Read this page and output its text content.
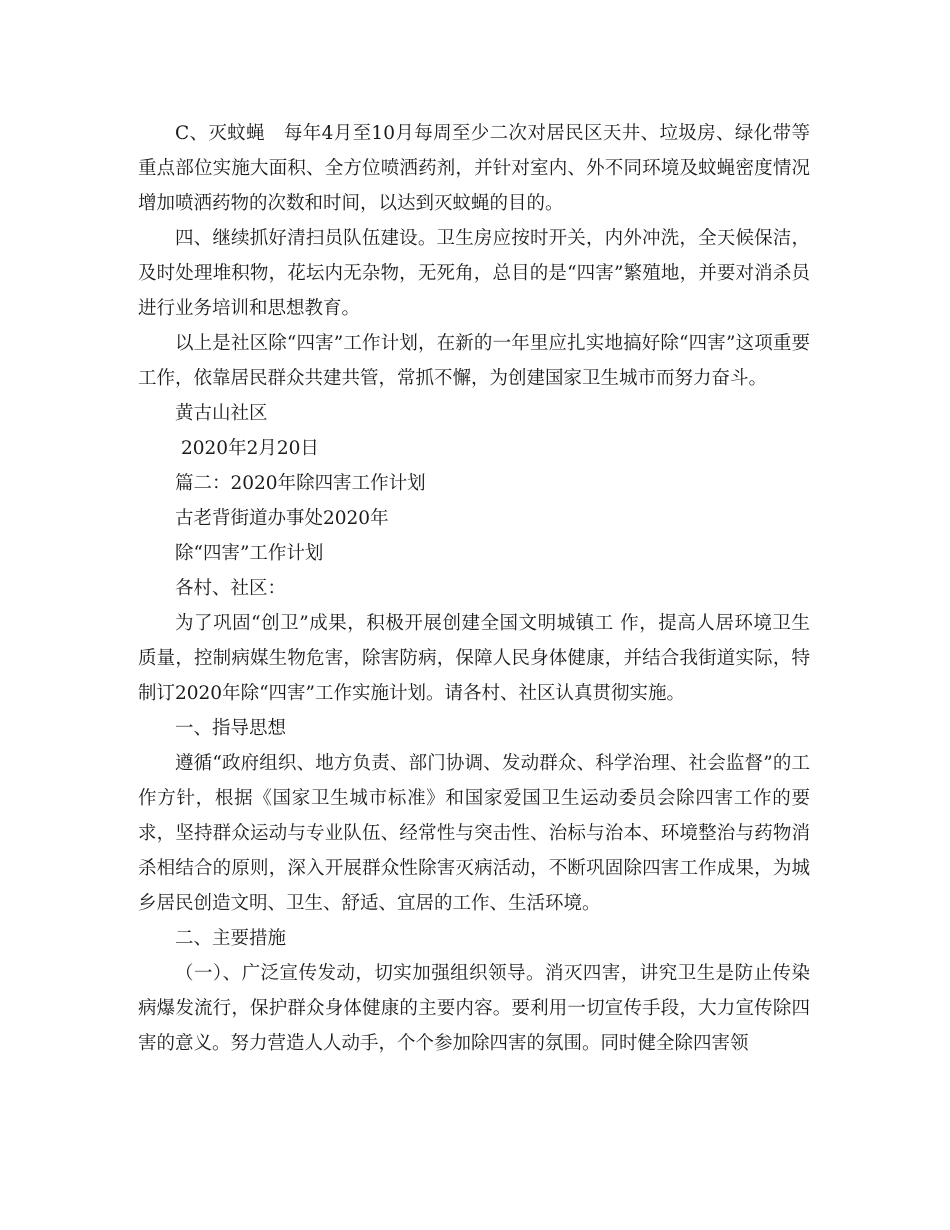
C、灭蚊蝇　每年4月至10月每周至少二次对居民区天井、垃圾房、绿化带等重点部位实施大面积、全方位喷洒药剂，并针对室内、外不同环境及蚊蝇密度情况增加喷洒药物的次数和时间，以达到灭蚊蝇的目的。

四、继续抓好清扫员队伍建设。卫生房应按时开关，内外冲洗，全天候保洁，及时处理堆积物，花坛内无杂物，无死角，总目的是“四害”繁殖地，并要对消杀员进行业务培训和思想教育。

以上是社区除“四害”工作计划，在新的一年里应扎实地搞好除“四害”这项重要工作，依靠居民群众共建共管，常抓不懈，为创建国家卫生城市而努力奋斗。

黄古山社区

2020年2月20日

篇二：2020年除四害工作计划

古老背街道办事处2020年

除“四害”工作计划

各村、社区：

为了巩固“创卫”成果，积极开展创建全国文明城镇工 作，提高人居环境卫生质量，控制病媒生物危害，除害防病，保障人民身体健康，并结合我街道实际，特制订2020年除“四害”工作实施计划。请各村、社区认真贯彻实施。

一、指导思想

遵循“政府组织、地方负责、部门协调、发动群众、科学治理、社会监督”的工作方针，根据《国家卫生城市标准》和国家爱国卫生运动委员会除四害工作的要求，坚持群众运动与专业队伍、经常性与突击性、治标与治本、环境整治与药物消杀相结合的原则，深入开展群众性除害灭病活动，不断巩固除四害工作成果，为城乡居民创造文明、卫生、舒适、宜居的工作、生活环境。

二、主要措施

（一）、广泛宣传发动，切实加强组织领导。消灭四害，讲究卫生是防止传染病爆发流行，保护群众身体健康的主要内容。要利用一切宣传手段，大力宣传除四害的意义。努力营造人人动手，个个参加除四害的氛围。同时健全除四害领
